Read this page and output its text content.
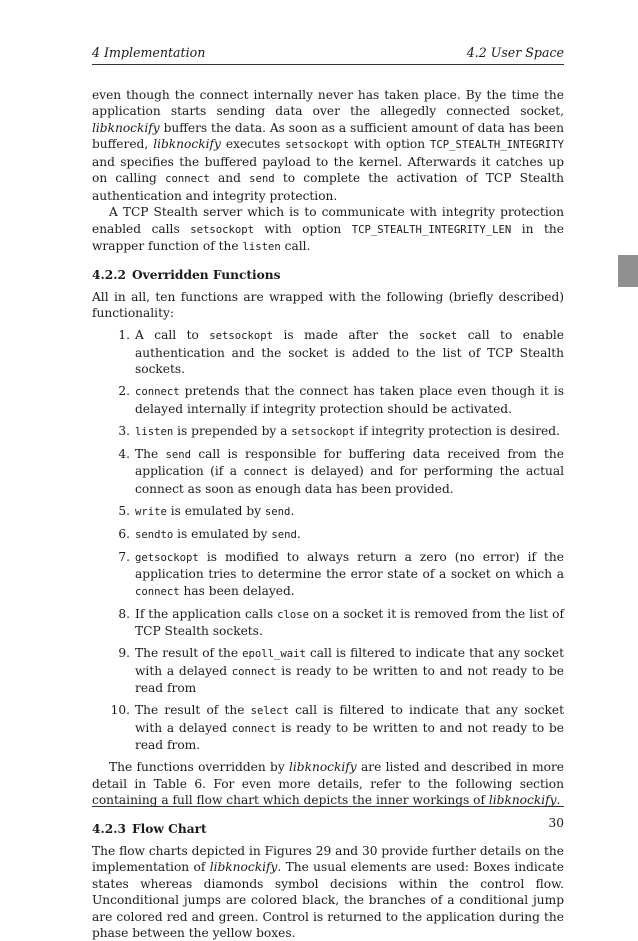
4 Implementation	4.2 User Space

even though the connect internally never has taken place. By the time the application starts sending data over the allegedly connected socket, libknockify buffers the data. As soon as a sufficient amount of data has been buffered, libknockify executes setsockopt with option TCP_STEALTH_INTEGRITY and specifies the buffered payload to the kernel. Afterwards it catches up on calling connect and send to complete the activation of TCP Stealth authentication and integrity protection.

A TCP Stealth server which is to communicate with integrity protection enabled calls setsockopt with option TCP_STEALTH_INTEGRITY_LEN in the wrapper function of the listen call.

4.2.2 Overridden Functions

All in all, ten functions are wrapped with the following (briefly described) functionality:

1. A call to setsockopt is made after the socket call to enable authentication and the socket is added to the list of TCP Stealth sockets.
2. connect pretends that the connect has taken place even though it is delayed internally if integrity protection should be activated.
3. listen is prepended by a setsockopt if integrity protection is desired.
4. The send call is responsible for buffering data received from the application (if a connect is delayed) and for performing the actual connect as soon as enough data has been provided.
5. write is emulated by send.
6. sendto is emulated by send.
7. getsockopt is modified to always return a zero (no error) if the application tries to determine the error state of a socket on which a connect has been delayed.
8. If the application calls close on a socket it is removed from the list of TCP Stealth sockets.
9. The result of the epoll_wait call is filtered to indicate that any socket with a delayed connect is ready to be written to and not ready to be read from
10. The result of the select call is filtered to indicate that any socket with a delayed connect is ready to be written to and not ready to be read from.

The functions overridden by libknockify are listed and described in more detail in Table 6. For even more details, refer to the following section containing a full flow chart which depicts the inner workings of libknockify.

4.2.3 Flow Chart

The flow charts depicted in Figures 29 and 30 provide further details on the implementation of libknockify. The usual elements are used: Boxes indicate states whereas diamonds symbol decisions within the control flow. Unconditional jumps are colored black, the branches of a conditional jump are colored red and green. Control is returned to the application during the phase between the yellow boxes.

30
